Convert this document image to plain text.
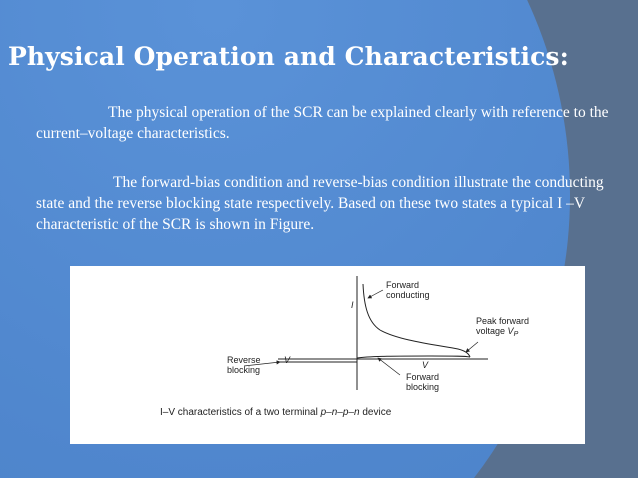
Physical Operation and Characteristics:

The physical operation of the SCR can be explained clearly with reference to the current–voltage characteristics.

The forward-bias condition and reverse-bias condition illustrate the conducting state and the reverse blocking state respectively. Based on these two states a typical I –V characteristic of the SCR is shown in Figure.

I
Forward
conducting
Peak forward
voltage $V_P$
Reverse
blocking
V	V
Forward
blocking
I–V characteristics of a two terminal p–n–p–n device
